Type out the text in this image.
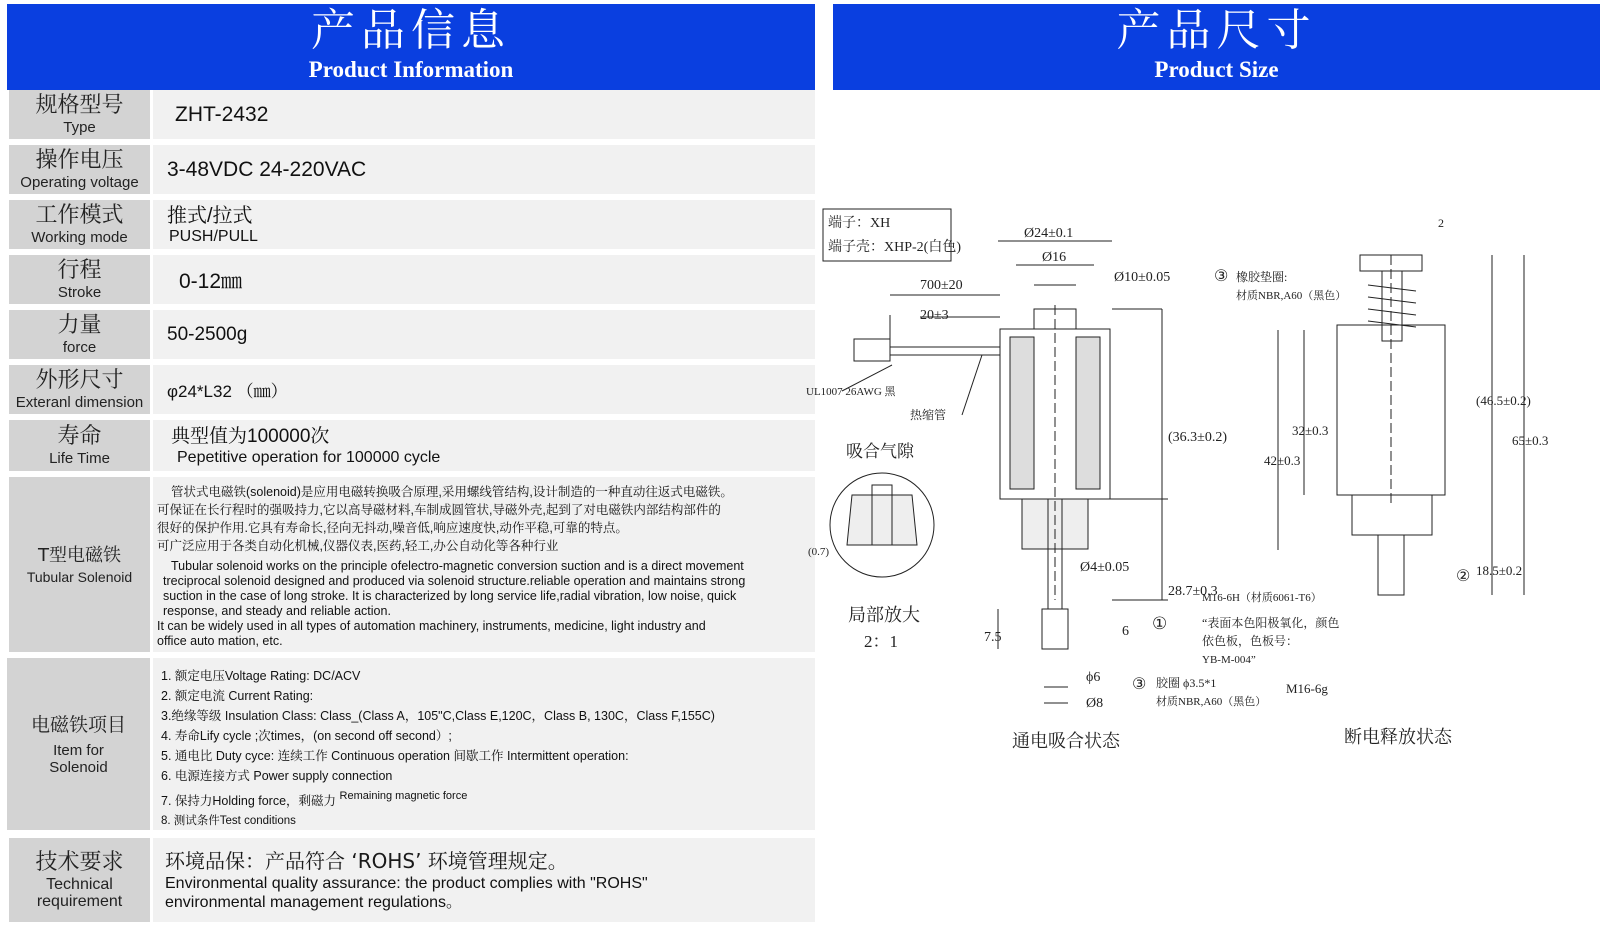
产品信息
Product Information
产品尺寸
Product Size
规格型号
Type
ZHT-2432
操作电压
Operating voltage
3-48VDC 24-220VAC
工作模式
Working mode
推式/拉式
PUSH/PULL
行程
Stroke	0-12㎜
力量
force
50-2500g
外形尺寸
Exteranl dimension
φ24*L32 （㎜）
寿命
Life Time
典型值为100000次
Pepetitive operation for 100000 cycle
T型电磁铁
Tubular Solenoid
管状式电磁铁(solenoid)是应用电磁转换吸合原理,采用螺线管结构,设计制造的一种直动往返式电磁铁。
可保证在长行程时的强吸持力,它以高导磁材料,车制成圆管状,导磁外壳,起到了对电磁铁内部结构部件的
很好的保护作用.它具有寿命长,径向无抖动,噪音低,响应速度快,动作平稳,可靠的特点。
可广泛应用于各类自动化机械,仪器仪表,医药,轻工,办公自动化等各种行业
Tubular solenoid works on the principle ofelectro-magnetic conversion suction and is a direct movement
treciprocal solenoid designed and produced via solenoid structure.reliable operation and maintains strong
suction in the case of long stroke. It is characterized by long service life,radial vibration, low noise, quick
response, and steady and reliable action.
It can be widely used in all types of automation machinery, instruments, medicine, light industry and
office auto mation, etc.
电磁铁项目
Item for
Solenoid
1. 额定电压Voltage Rating: DC/ACV
2. 额定电流 Current Rating:
3.绝缘等级 Insulation Class: Class_(Class A，105"C,Class E,120C，Class B, 130C，Class F,155C)
4. 寿命Lify cycle ;次times，(on second off second）;
5. 通电比 Duty cyce: 连续工作 Continuous operation 间歇工作 Intermittent operation:
6. 电源连接方式 Power supply connection
7. 保持力Holding force，剩磁力 $^{Remaining magnetic force}$
8. 测试条件Test conditions
技术要求
Technical
requirement
环境品保：产品符合 ‘ROHS’ 环境管理规定。
Environmental quality assurance: the product complies with "ROHS"
environmental management regulations。
端子：XH
端子壳：XHP-2(白色)
Ø24±0.1
Ø16
Ø10±0.05
700±20
20±3
UL1007 26AWG 黑
热缩管
吸合气隙
(0.7)
局部放大
2：1
(36.3±0.2)
28.7±0.3
Ø4±0.05
7.5	6
ϕ6
Ø8
①
③ 胶圈 ϕ3.5*1
材质NBR,A60（黑色）
通电吸合状态
③ 橡胶垫圈:
材质NBR,A60（黑色）
2
(46.5±0.2)
42±0.3
32±0.3
65±0.3
18.5±0.2
②
M16-6H（材质6061-T6）
“表面本色阳极氧化，颜色
依色板，色板号：
YB-M-004”
M16-6g
断电释放状态
